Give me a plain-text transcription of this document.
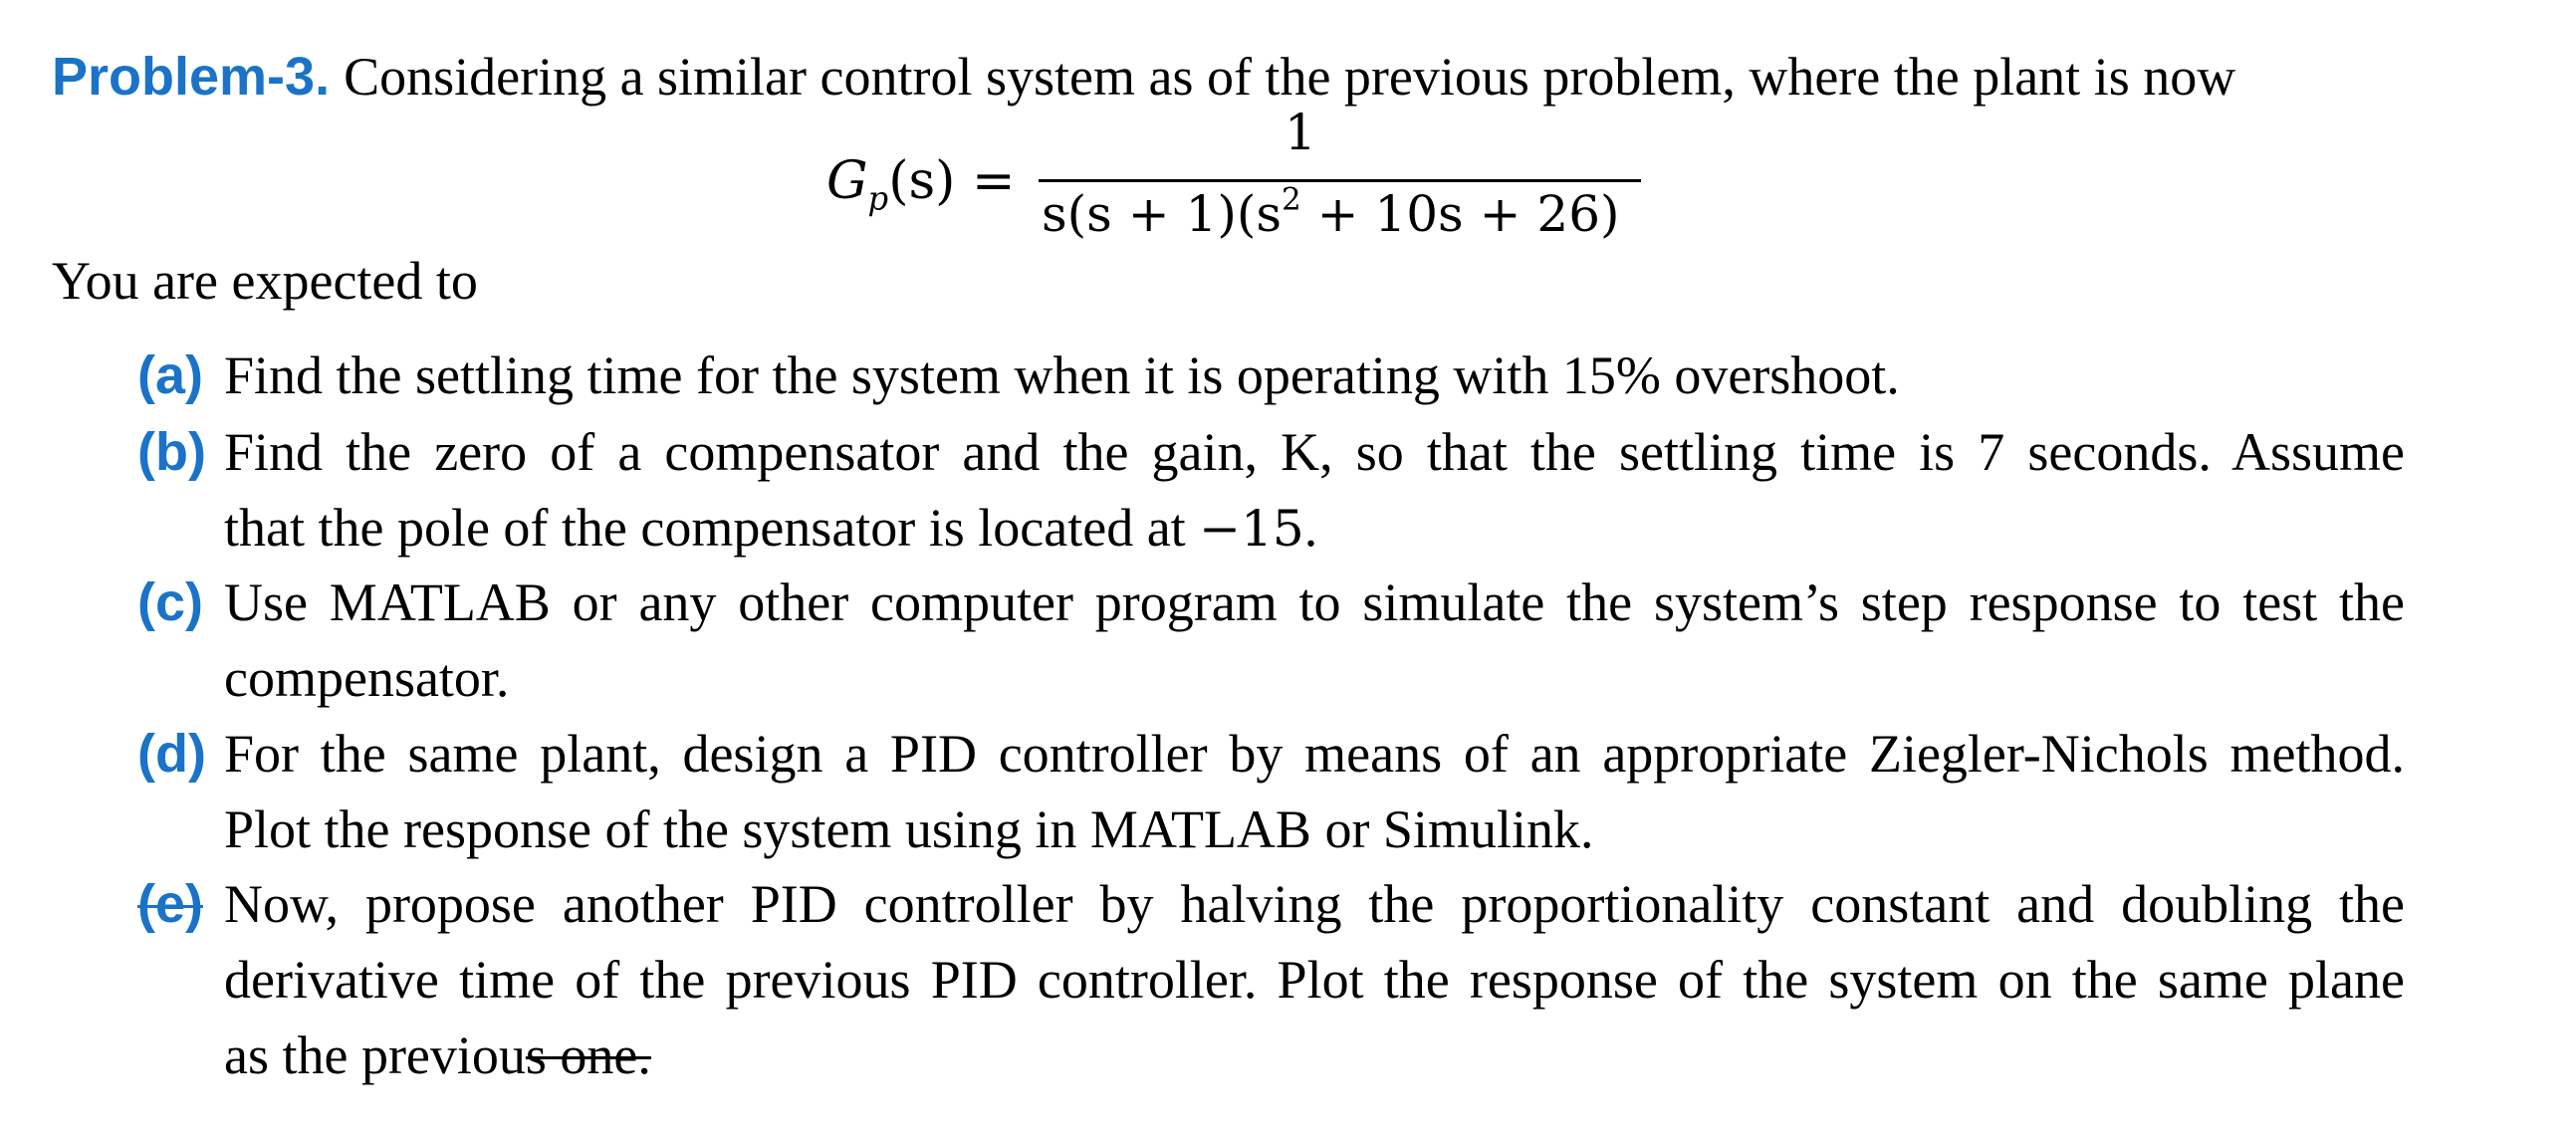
Problem-3. Considering a similar control system as of the previous problem, where the plant is now
$G_p(s)$ =
1
$s(s + 1)(s^2 + 10s + 26)$
You are expected to
(a) Find the settling time for the system when it is operating with 15% overshoot.
(b) Find the zero of a compensator and the gain, K, so that the settling time is 7 seconds. Assume
that the pole of the compensator is located at −15.
(c) Use MATLAB or any other computer program to simulate the system’s step response to test the
compensator.
(d) For the same plant, design a PID controller by means of an appropriate Ziegler-Nichols method.
Plot the response of the system using in MATLAB or Simulink.
(e) Now, propose another PID controller by halving the proportionality constant and doubling the
derivative time of the previous PID controller. Plot the response of the system on the same plane
as the previous one.
